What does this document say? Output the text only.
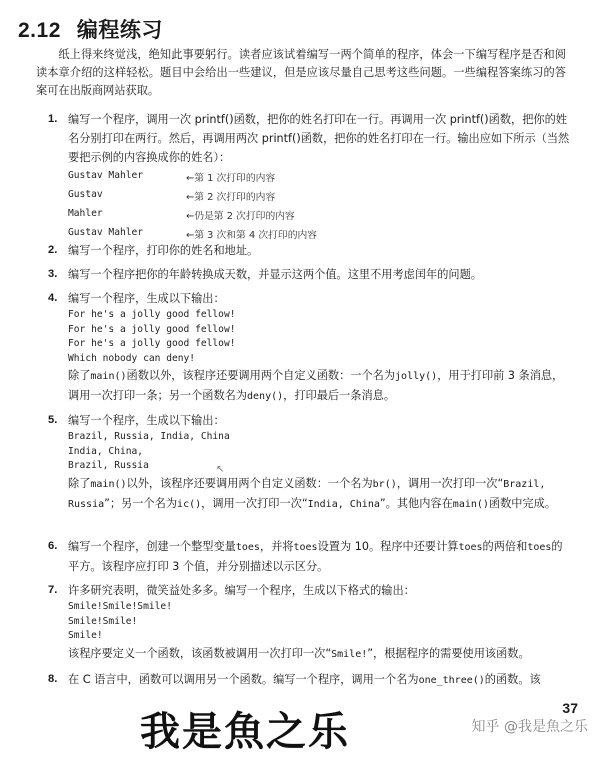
2.12 编程练习

纸上得来终觉浅，绝知此事要躬行。读者应该试着编写一两个简单的程序，体会一下编写程序是否和阅读本章介绍的这样轻松。题目中会给出一些建议，但是应该尽量自己思考这些问题。一些编程答案练习的答案可在出版商网站获取。

1. 编写一个程序，调用一次 printf()函数，把你的姓名打印在一行。再调用一次 printf()函数，把你的姓名分别打印在两行。然后，再调用两次 printf()函数，把你的姓名打印在一行。输出应如下所示（当然要把示例的内容换成你的姓名）：
Gustav Mahler	←第 1 次打印的内容
Gustav	←第 2 次打印的内容
Mahler	←仍是第 2 次打印的内容
Gustav Mahler	←第 3 次和第 4 次打印的内容
2. 编写一个程序，打印你的姓名和地址。
3. 编写一个程序把你的年龄转换成天数，并显示这两个值。这里不用考虑闰年的问题。
4. 编写一个程序，生成以下输出：
For he's a jolly good fellow!
For he's a jolly good fellow!
For he's a jolly good fellow!
Which nobody can deny!
除了main()函数以外，该程序还要调用两个自定义函数：一个名为jolly()，用于打印前 3 条消息，调用一次打印一条；另一个函数名为deny()，打印最后一条消息。
5. 编写一个程序，生成以下输出：
Brazil, Russia, India, China
India, China,
Brazil, Russia	↖
除了main()以外，该程序还要调用两个自定义函数：一个名为br()，调用一次打印一次“Brazil, Russia”；另一个名为ic()，调用一次打印一次“India, China”。其他内容在main()函数中完成。
6. 编写一个程序，创建一个整型变量toes，并将toes设置为 10。程序中还要计算toes的两倍和toes的平方。该程序应打印 3 个值，并分别描述以示区分。
7. 许多研究表明，微笑益处多多。编写一个程序，生成以下格式的输出：
Smile!Smile!Smile!
Smile!Smile!
Smile!
该程序要定义一个函数，该函数被调用一次打印一次“Smile!”，根据程序的需要使用该函数。
8. 在 C 语言中，函数可以调用另一个函数。编写一个程序，调用一个名为one_three()的函数。该
37
我是魚之乐	知乎 @我是魚之乐
